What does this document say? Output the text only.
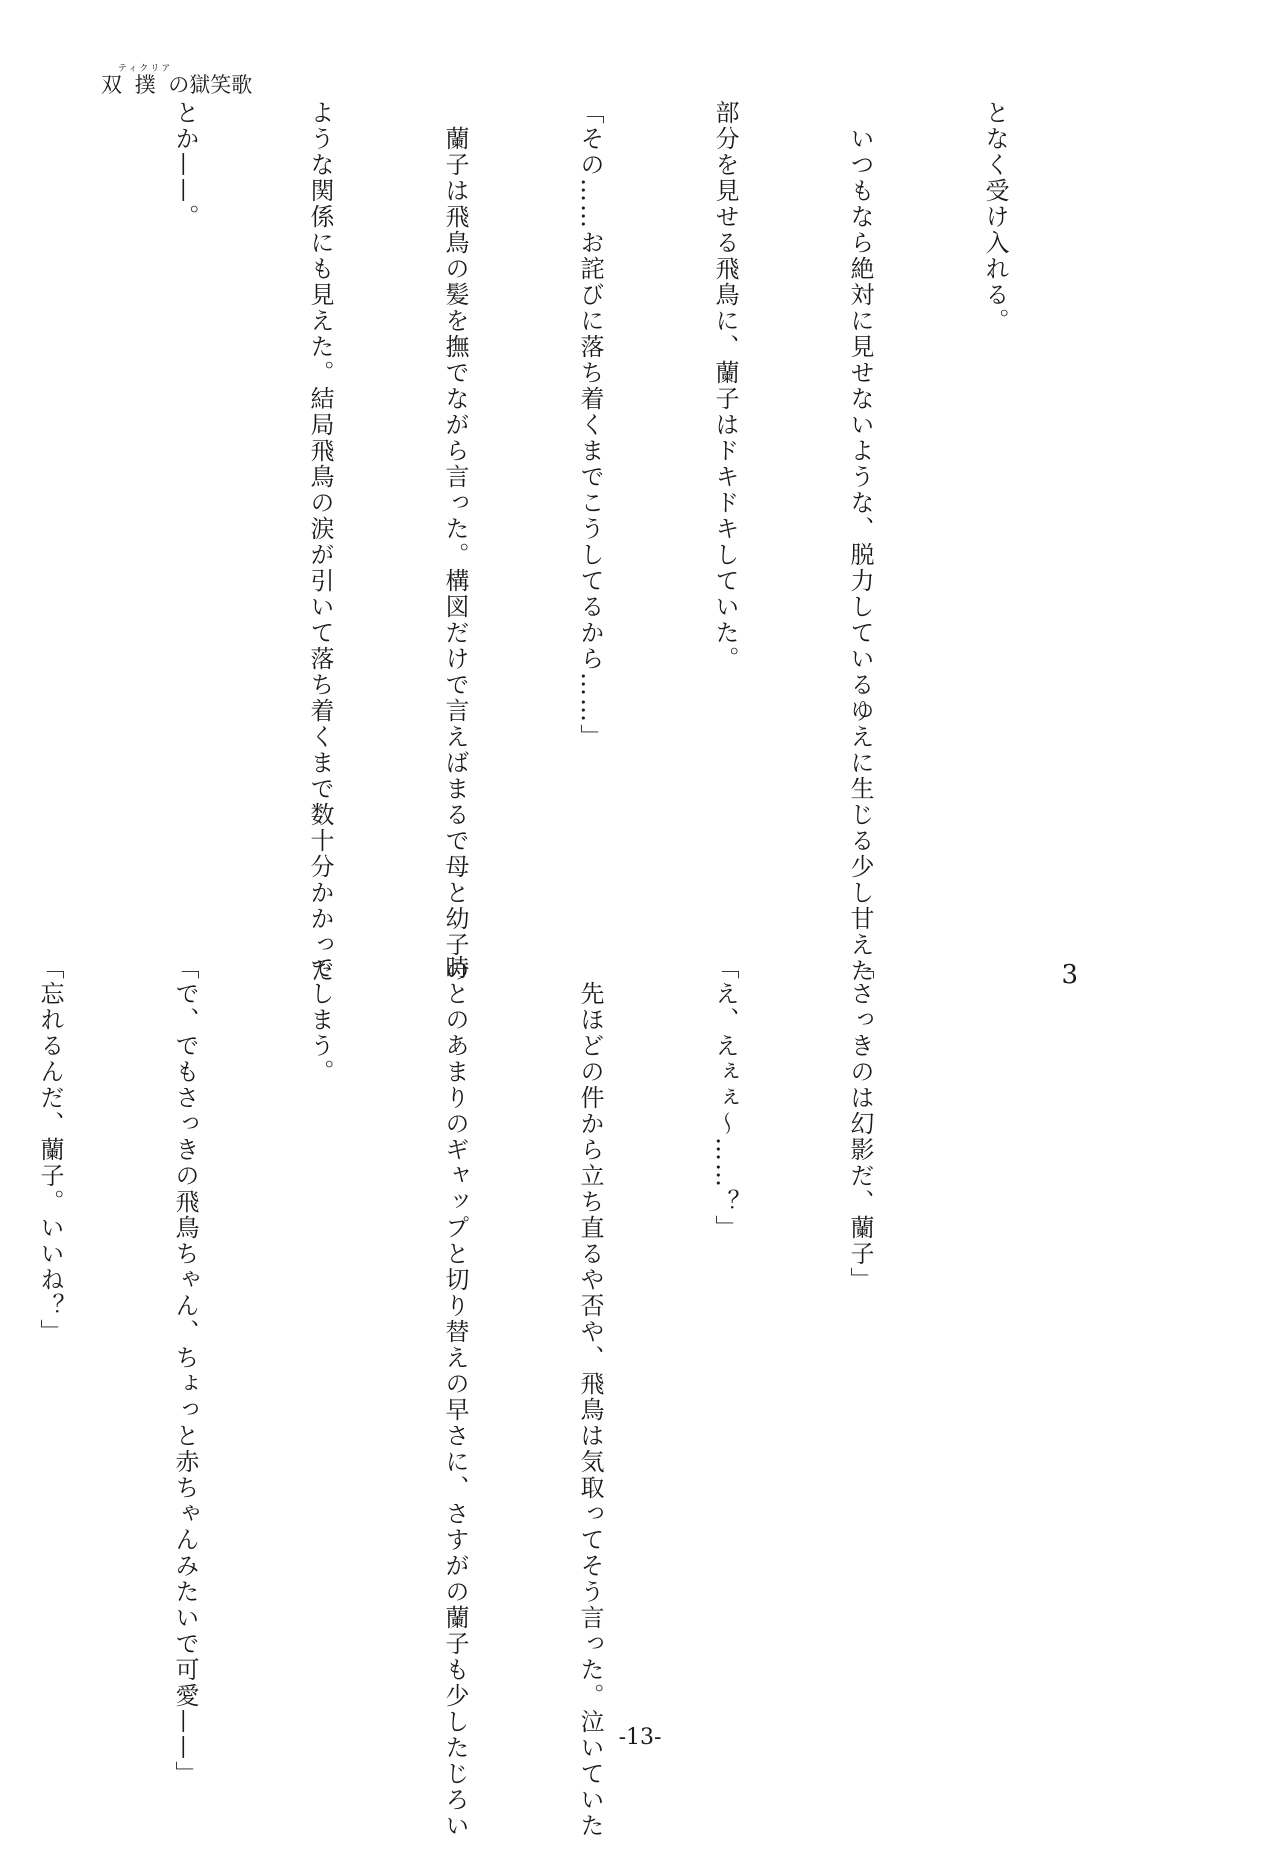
双撲ティクリアの獄笑歌

となく受け入れる。

　いつもなら絶対に見せないような、脱力しているゆえに生じる少し甘えた

部分を見せる飛鳥に、蘭子はドキドキしていた。

「その……お詫びに落ち着くまでこうしてるから……」

　蘭子は飛鳥の髪を撫でながら言った。構図だけで言えばまるで母と幼子の

ような関係にも見えた。結局飛鳥の涙が引いて落ち着くまで数十分かかった

とか——。

3

「さっきのは幻影だ、蘭子」

「え、えぇぇ～……？」

　先ほどの件から立ち直るや否や、飛鳥は気取ってそう言った。泣いていた

時とのあまりのギャップと切り替えの早さに、さすがの蘭子も少したじろい

でしまう。

「で、でもさっきの飛鳥ちゃん、ちょっと赤ちゃんみたいで可愛——」

「忘れるんだ、蘭子。いいね？」

-13-
